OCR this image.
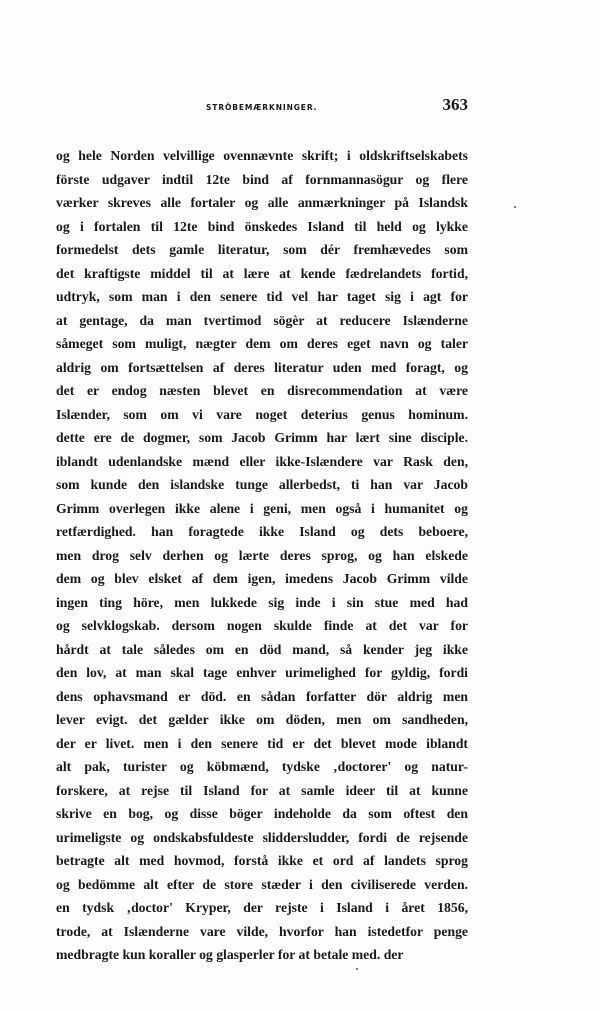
STRÖBEMÆRKNINGER.	363
og hele Norden velvillige ovennævnte skrift; i oldskriftselskabets
förste udgaver indtil 12te bind af fornmannasögur og flere
værker skreves alle fortaler og alle anmærkninger på Islandsk
og i fortalen til 12te bind önskedes Island til held og lykke
formedelst dets gamle literatur, som dér fremhævedes som
det kraftigste middel til at lære at kende fædrelandets fortid,
udtryk, som man i den senere tid vel har taget sig i agt for
at gentage, da man tvertimod sögèr at reducere Islænderne
såmeget som muligt, nægter dem om deres eget navn og taler
aldrig om fortsættelsen af deres literatur uden med foragt, og
det er endog næsten blevet en disrecommendation at være
Islænder, som om vi vare noget deterius genus hominum.
dette ere de dogmer, som Jacob Grimm har lært sine disciple.
iblandt udenlandske mænd eller ikke-Islændere var Rask den,
som kunde den islandske tunge allerbedst, ti han var Jacob
Grimm overlegen ikke alene i geni, men også i humanitet og
retfærdighed. han foragtede ikke Island og dets beboere,
men drog selv derhen og lærte deres sprog, og han elskede
dem og blev elsket af dem igen, imedens Jacob Grimm vilde
ingen ting höre, men lukkede sig inde i sin stue med had
og selvklogskab. dersom nogen skulde finde at det var for
hårdt at tale således om en död mand, så kender jeg ikke
den lov, at man skal tage enhver urimelighed for gyldig, fordi
dens ophavsmand er död. en sådan forfatter dör aldrig men
lever evigt. det gælder ikke om döden, men om sandheden,
der er livet. men i den senere tid er det blevet mode iblandt
alt pak, turister og köbmænd, tydske ‚doctorer' og natur-
forskere, at rejse til Island for at samle ideer til at kunne
skrive en bog, og disse böger indeholde da som oftest den
urimeligste og ondskabsfuldeste sliddersludder, fordi de rejsende
betragte alt med hovmod, forstå ikke et ord af landets sprog
og bedömme alt efter de store stæder i den civiliserede verden.
en tydsk ‚doctor' Kryper, der rejste i Island i året 1856,
trode, at Islænderne vare vilde, hvorfor han istedetfor penge
medbragte kun koraller og glasperler for at betale med. der
